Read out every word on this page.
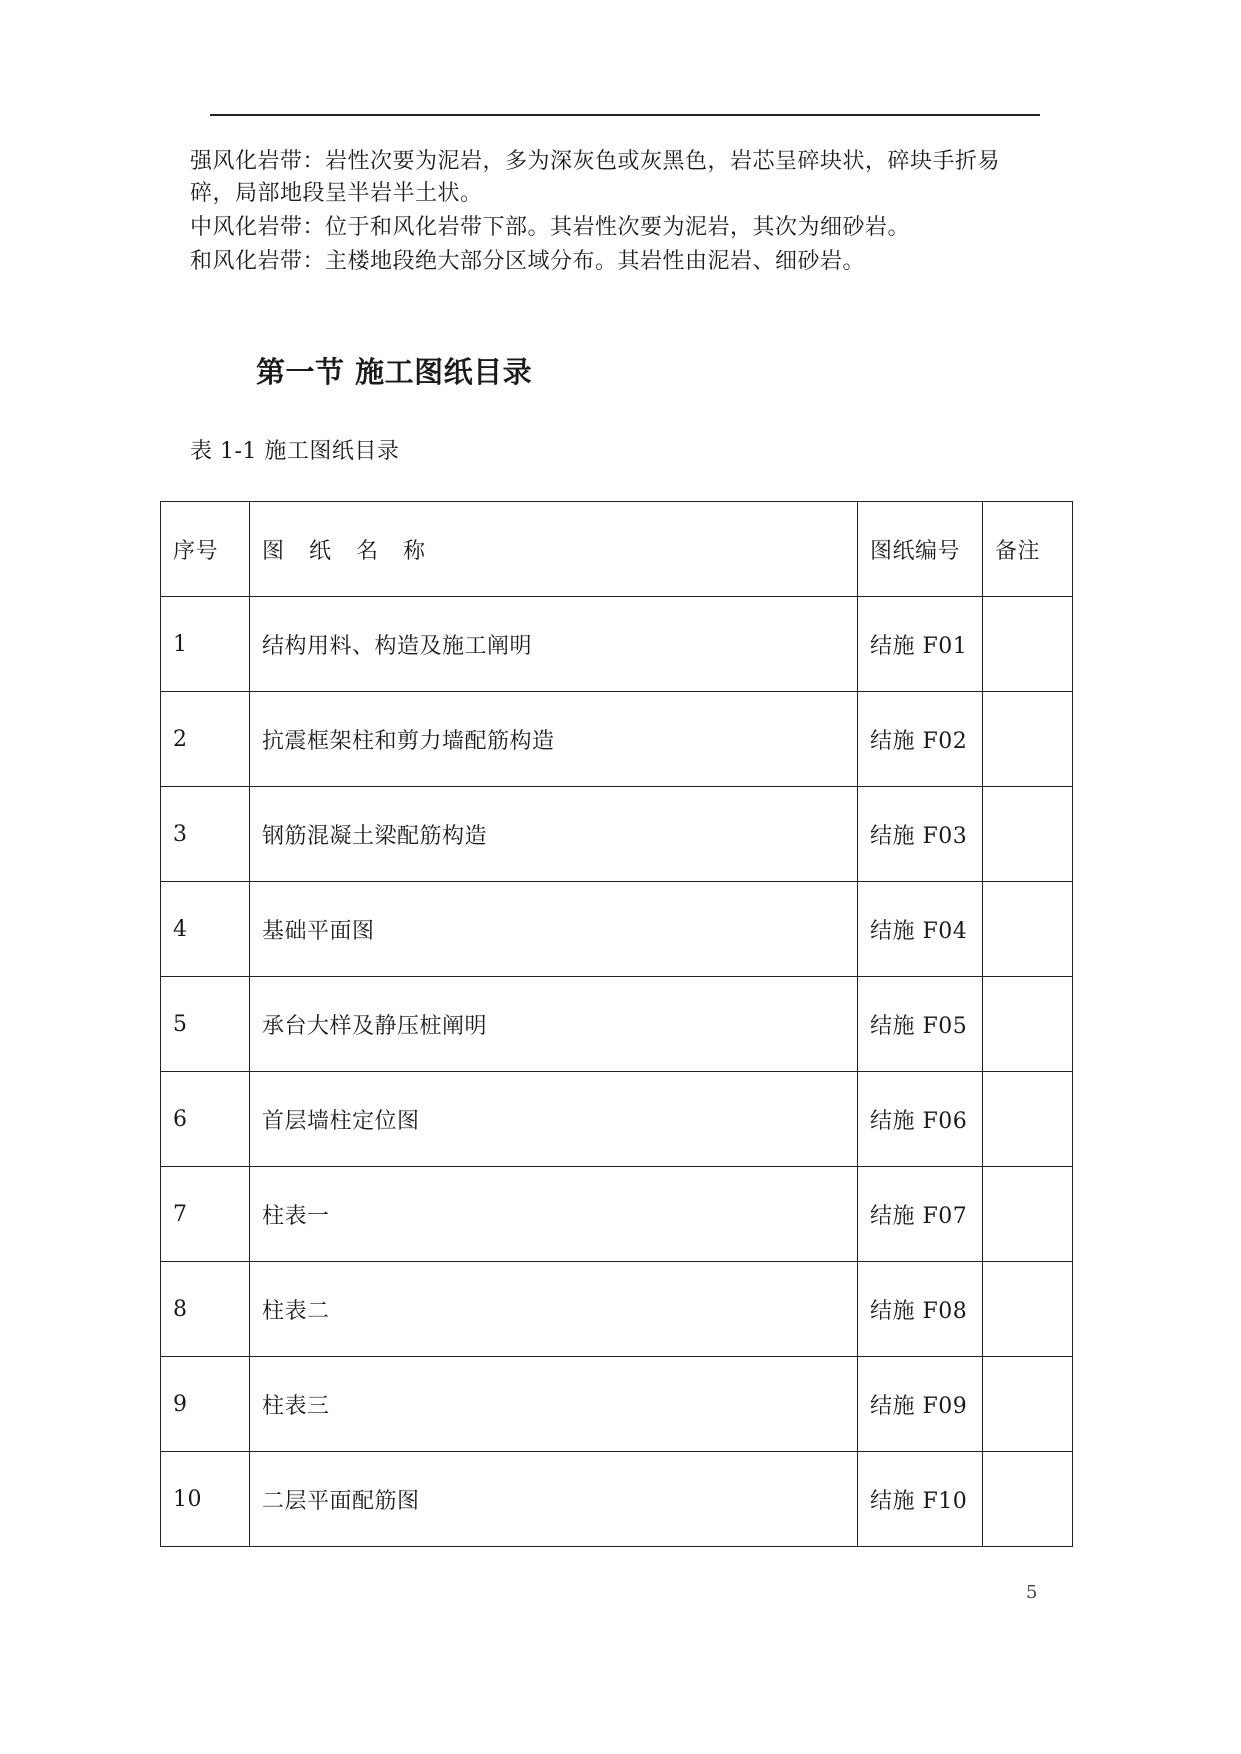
强风化岩带：岩性次要为泥岩，多为深灰色或灰黑色，岩芯呈碎块状，碎块手折易

碎，局部地段呈半岩半土状。

中风化岩带：位于和风化岩带下部。其岩性次要为泥岩，其次为细砂岩。

和风化岩带：主楼地段绝大部分区域分布。其岩性由泥岩、细砂岩。

第一节 施工图纸目录

表 1-1 施工图纸目录

序号	图 纸 名 称	图纸编号	备注
1	结构用料、构造及施工阐明	结施 F01	
2	抗震框架柱和剪力墙配筋构造	结施 F02	
3	钢筋混凝土梁配筋构造	结施 F03	
4	基础平面图	结施 F04	
5	承台大样及静压桩阐明	结施 F05	
6	首层墙柱定位图	结施 F06	
7	柱表一	结施 F07	
8	柱表二	结施 F08	
9	柱表三	结施 F09	
10	二层平面配筋图	结施 F10	

5
